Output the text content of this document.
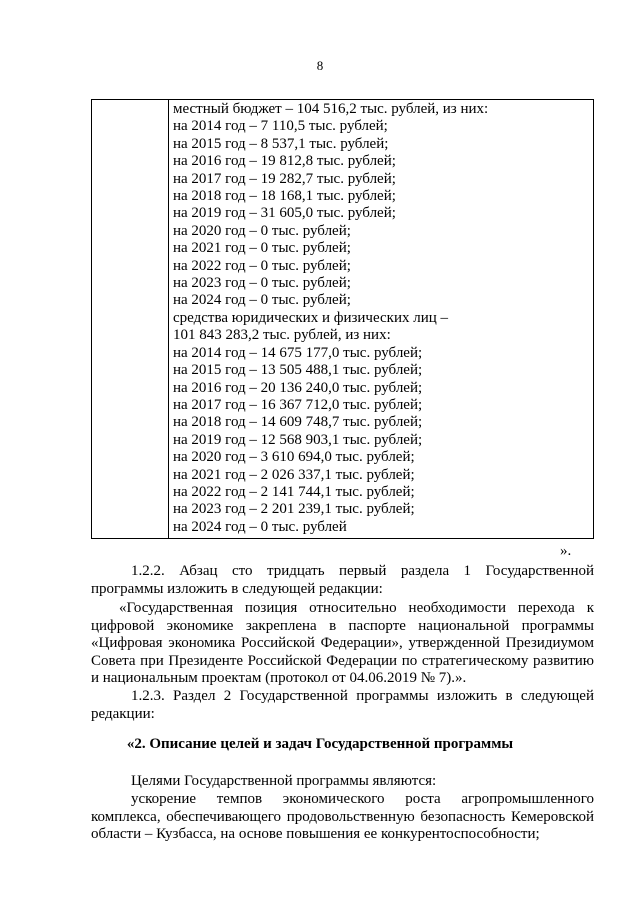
8

местный бюджет – 104 516,2 тыс. рублей, из них:
на 2014 год – 7 110,5 тыс. рублей;
на 2015 год – 8 537,1 тыс. рублей;
на 2016 год – 19 812,8 тыс. рублей;
на 2017 год – 19 282,7 тыс. рублей;
на 2018 год – 18 168,1 тыс. рублей;
на 2019 год – 31 605,0 тыс. рублей;
на 2020 год – 0 тыс. рублей;
на 2021 год – 0 тыс. рублей;
на 2022 год – 0 тыс. рублей;
на 2023 год – 0 тыс. рублей;
на 2024 год – 0 тыс. рублей;
средства юридических и физических лиц –
101 843 283,2 тыс. рублей, из них:
на 2014 год – 14 675 177,0 тыс. рублей;
на 2015 год – 13 505 488,1 тыс. рублей;
на 2016 год – 20 136 240,0 тыс. рублей;
на 2017 год – 16 367 712,0 тыс. рублей;
на 2018 год – 14 609 748,7 тыс. рублей;
на 2019 год – 12 568 903,1 тыс. рублей;
на 2020 год – 3 610 694,0 тыс. рублей;
на 2021 год – 2 026 337,1 тыс. рублей;
на 2022 год – 2 141 744,1 тыс. рублей;
на 2023 год – 2 201 239,1 тыс. рублей;
на 2024 год – 0 тыс. рублей
».
1.2.2. Абзац сто тридцать первый раздела 1 Государственной программы изложить в следующей редакции:
«Государственная позиция относительно необходимости перехода к цифровой экономике закреплена в паспорте национальной программы «Цифровая экономика Российской Федерации», утвержденной Президиумом Совета при Президенте Российской Федерации по стратегическому развитию и национальным проектам (протокол от 04.06.2019 № 7).».
1.2.3. Раздел 2 Государственной программы изложить в следующей редакции:
«2. Описание целей и задач Государственной программы
Целями Государственной программы являются:
ускорение темпов экономического роста агропромышленного комплекса, обеспечивающего продовольственную безопасность Кемеровской области – Кузбасса, на основе повышения ее конкурентоспособности;
